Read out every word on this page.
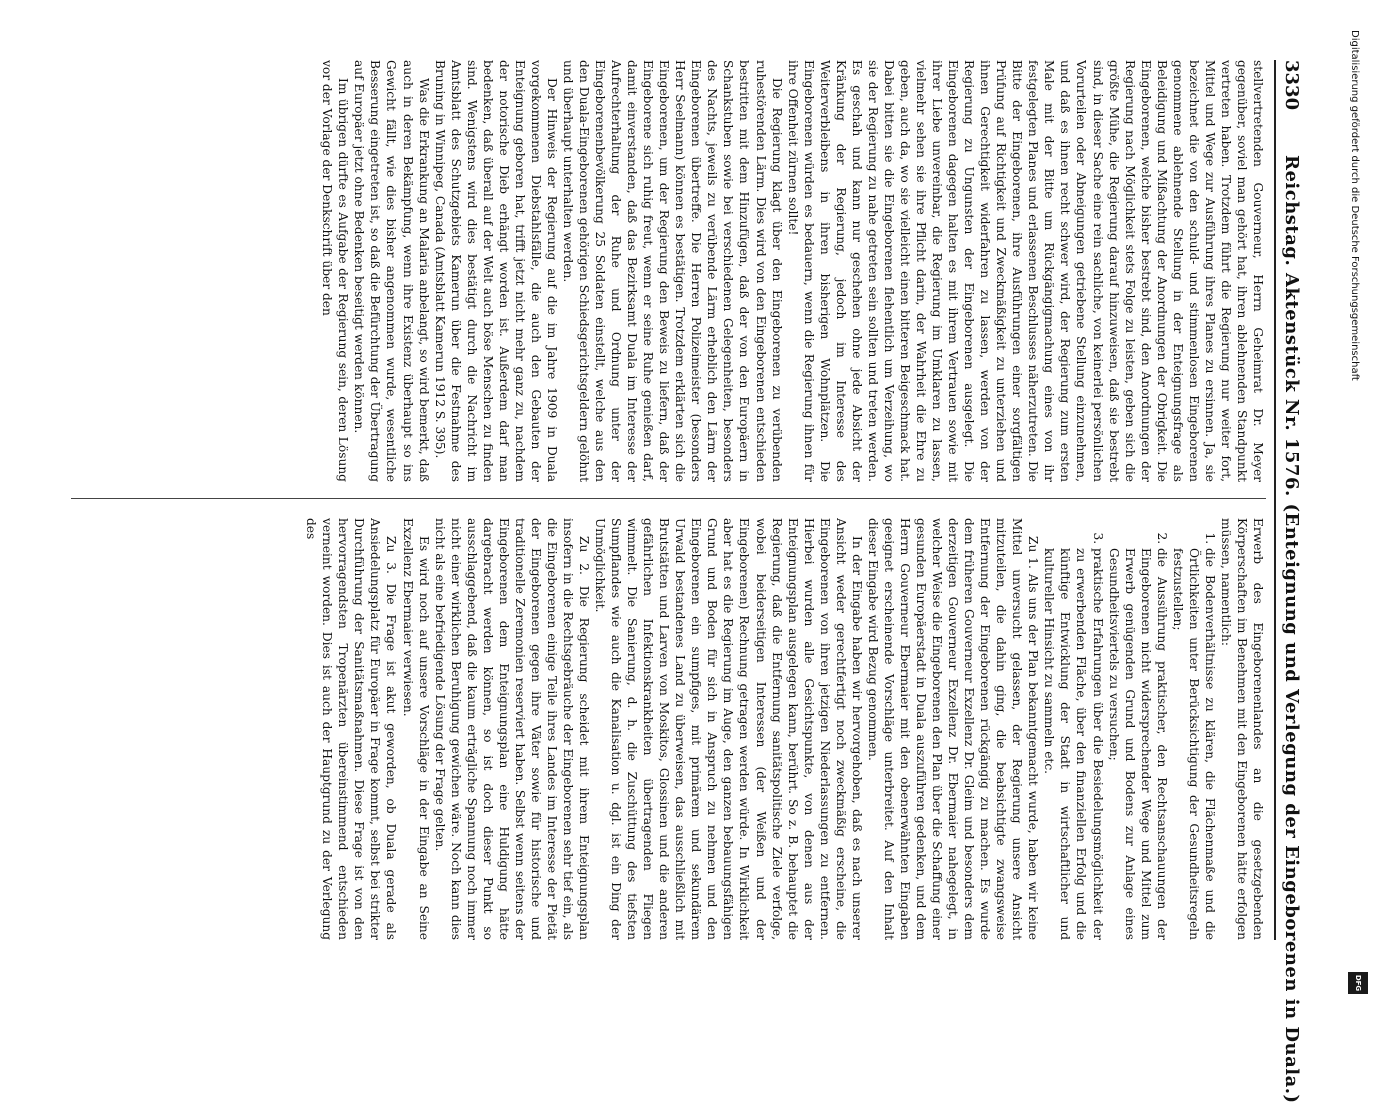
3330
Reichstag. Aktenstück Nr. 1576. (Enteignung und Verlegung der Eingeborenen in Duala.)

stellvertretenden Gouverneur, Herrn Geheimrat Dr. Meyer gegenüber, soviel man gehört hat, ihren ablehnenden Standpunkt vertreten haben. Trotzdem führt die Regierung nur weiter fort, Mittel und Wege zur Ausführung ihres Planes zu ersinnen. Ja, sie bezeichnet die von den schuld- und stimmenlosen Eingeborenen genommene ablehnende Stellung in der Enteignungsfrage als Beleidigung und Mißachtung der Anordnungen der Obrigkeit. Die Eingeborenen, welche bisher bestrebt sind, den Anordnungen der Regierung nach Möglichkeit stets Folge zu leisten, geben sich die größte Mühe, die Regierung darauf hinzuweisen, daß sie bestrebt sind, in dieser Sache eine rein sachliche, von keinerlei persönlichen Vorurteilen oder Abneigungen getriebene Stellung einzunehmen, und daß es ihnen recht schwer wird, der Regierung zum ersten Male mit der Bitte um Rückgängigmachung eines von ihr festgelegten Planes und erlassenen Beschlusses näherzutreten. Die Bitte der Eingeborenen, ihre Ausführungen einer sorgfältigen Prüfung auf Richtigkeit und Zweckmäßigkeit zu unterziehen und ihnen Gerechtigkeit widerfahren zu lassen, werden von der Regierung zu Ungunsten der Eingeborenen ausgelegt. Die Eingeborenen dagegen halten es mit ihrem Vertrauen sowie mit ihrer Liebe unvereinbar, die Regierung im Umklaren zu lassen, vielmehr sehen sie ihre Pflicht darin, der Wahrheit die Ehre zu geben, auch da, wo sie vielleicht einen bitteren Beigeschmack hat. Dabei bitten sie die Eingeborenen flehentlich um Verzeihung, wo sie der Regierung zu nahe getreten sein sollten und treten werden. Es geschah und kann nur geschehen ohne jede Absicht der Kränkung der Regierung, jedoch im Interesse des Weiterverbleibens in ihren bisherigen Wohnplätzen. Die Eingeborenen würden es bedauern, wenn die Regierung ihnen für ihre Offenheit zürnen sollte!

Die Regierung klagt über den Eingeborenen zu verübenden ruhestörenden Lärm. Dies wird von den Eingeborenen entschieden bestritten mit dem Hinzufügen, daß der von den Europäern in Schankstuben sowie bei verschiedenen Gelegenheiten, besonders des Nachts, jeweils zu verübende Lärm erheblich den Lärm der Eingeborenen übertreffe. Die Herren Polizeimeister (besonders Herr Seelmann) können es bestätigen. Trotzdem erklärten sich die Eingeborenen, um der Regierung den Beweis zu liefern, daß der Eingeborene sich ruhig freut, wenn er seine Ruhe genießen darf, damit einverstanden, daß das Bezirksamt Duala im Interesse der Aufrechterhaltung der Ruhe und Ordnung unter der Eingeborenenbevölkerung 25 Soldaten einstellt, welche aus den den Duala-Eingeborenen gehörigen Schiedsgerichtsgeldern gelöhnt und überhaupt unterhalten werden.

Der Hinweis der Regierung auf die im Jahre 1909 in Duala vorgekommenen Diebstahlsfälle, die auch den Gebauten der Enteignung geboren hat, trifft jetzt nicht mehr ganz zu, nachdem der notorische Dieb erhängt worden ist. Außerdem darf man bedenken, daß überall auf der Welt auch böse Menschen zu finden sind. Wenigstens wird dies bestätigt durch die Nachricht im Amtsblatt des Schutzgebiets Kamerun über die Festnahme des Bruning in Winnipeg, Canada (Amtsblatt Kamerun 1912 S. 395).

Was die Erkrankung an Malaria anbelangt, so wird bemerkt, daß auch in deren Bekämpfung, wenn ihre Existenz überhaupt so ins Gewicht fällt, wie dies bisher angenommen wurde, wesentliche Besserung eingetreten ist, so daß die Befürchtung der Übertragung auf Europäer jetzt ohne Bedenken beseitigt werden können.

Im übrigen dürfte es Aufgabe der Regierung sein, deren Lösung vor der Vorlage der Denkschrift über den

Erwerb des Eingeborenenlandes an die gesetzgebenden Körperschaften im Benehmen mit den Eingeborenen hätte erfolgen müssen, namentlich:

1. die Bodenverhältnisse zu klären, die Flächenmaße und die Örtlichkeiten unter Berücksichtigung der Gesundheitsregeln festzustellen;
2. die Aussührung praktischer, den Rechtsanschauungen der Eingeborenen nicht widersprechender Wege und Mittel zum Erwerb genügenden Grund und Bodens zur Anlage eines Gesundheitsviertels zu versuchen;
3. praktische Erfahrungen über die Besiedelungsmöglichkeit der zu erwerbenden Fläche, über den finanziellen Erfolg und die künftige Entwicklung der Stadt in wirtschaftlicher und kultureller Hinsicht zu sammeln etc.

Zu 1. Als uns der Plan bekanntgemacht wurde, haben wir keine Mittel unversucht gelassen, der Regierung unsere Ansicht mitzuteilen, die dahin ging, die beabsichtigte zwangsweise Entfernung der Eingeborenen rückgängig zu machen. Es wurde dem früheren Gouverneur Exzellenz Dr. Gleim und besonders dem derzeitigen Gouverneur Exzellenz Dr. Ebermaier nahegelegt, in welcher Weise die Eingeborenen den Plan über die Schaffung einer gesunden Europäerstadt in Duala auszuführen gedenken, und dem Herrn Gouverneur Ebermaier mit den obenerwähnten Eingaben geeignet erscheinende Vorschläge unterbreitet. Auf den Inhalt dieser Eingabe wird Bezug genommen.

In der Eingabe haben wir hervorgehoben, daß es nach unserer Ansicht weder gerechtfertigt noch zweckmäßig erscheine, die Eingeborenen von ihren jetzigen Niederlassungen zu entfernen. Hierbei wurden alle Gesichtspunkte, von denen aus der Enteignungsplan ausgelegen kann, berührt. So z. B. behauptet die Regierung, daß die Entfernung sanitätspolitische Ziele verfolge, wobei beiderseitigen Interessen (der Weißen und der Eingeborenen) Rechnung getragen werden würde. In Wirklichkeit aber hat es die Regierung im Auge, den ganzen bebauungsfähigen Grund und Boden für sich in Anspruch zu nehmen und den Eingeborenen ein sumpfiges, mit primärem und sekundärem Urwald bestandenes Land zu überweisen, das ausschließlich mit Brutstätten und Larven von Moskitos, Glossinen und die anderen gefährlichen Infektionskrankheiten übertragenden Fliegen wimmelt. Die Sanierung, d. h. die Zuschüttung des tiefsten Sumpflandes wie auch die Kanalisation u. dgl. ist ein Ding der Unmöglichkeit.

Zu 2. Die Regierung scheidet mit ihrem Enteignungsplan insofern in die Rechtsgebräuche der Eingeborenen sehr tief ein, als die Eingeborenen einige Teile ihres Landes im Interesse der Pietät der Eingeborenen gegen ihre Väter sowie für historische und traditionelle Zeremonien reserviert haben. Selbst wenn seitens der Eingeborenen dem Enteignungsplan eine Huldigung hätte dargebracht werden können, so ist doch dieser Punkt so ausschlaggebend, daß die kaum erträgliche Spannung noch immer nicht einer wirklichen Beruhigung gewichen wäre. Noch kann dies nicht als eine befriedigende Lösung der Frage gelten.

Es wird noch auf unsere Vorschläge in der Eingabe an Seine Exzellenz Ebermaier verwiesen.

Zu 3. Die Frage ist akut geworden, ob Duala gerade als Ansiedelungsplatz für Europäer in Frage kommt, selbst bei strikter Durchführung der Sanitätsmaßnahmen. Diese Frage ist von den hervorragendsten Tropenärzten übereinstimmend entschieden verneint worden. Dies ist auch der Hauptgrund zu der Verlegung des

Digitalisierung gefördert durch die Deutsche Forschungsgemeinschaft
DFG
